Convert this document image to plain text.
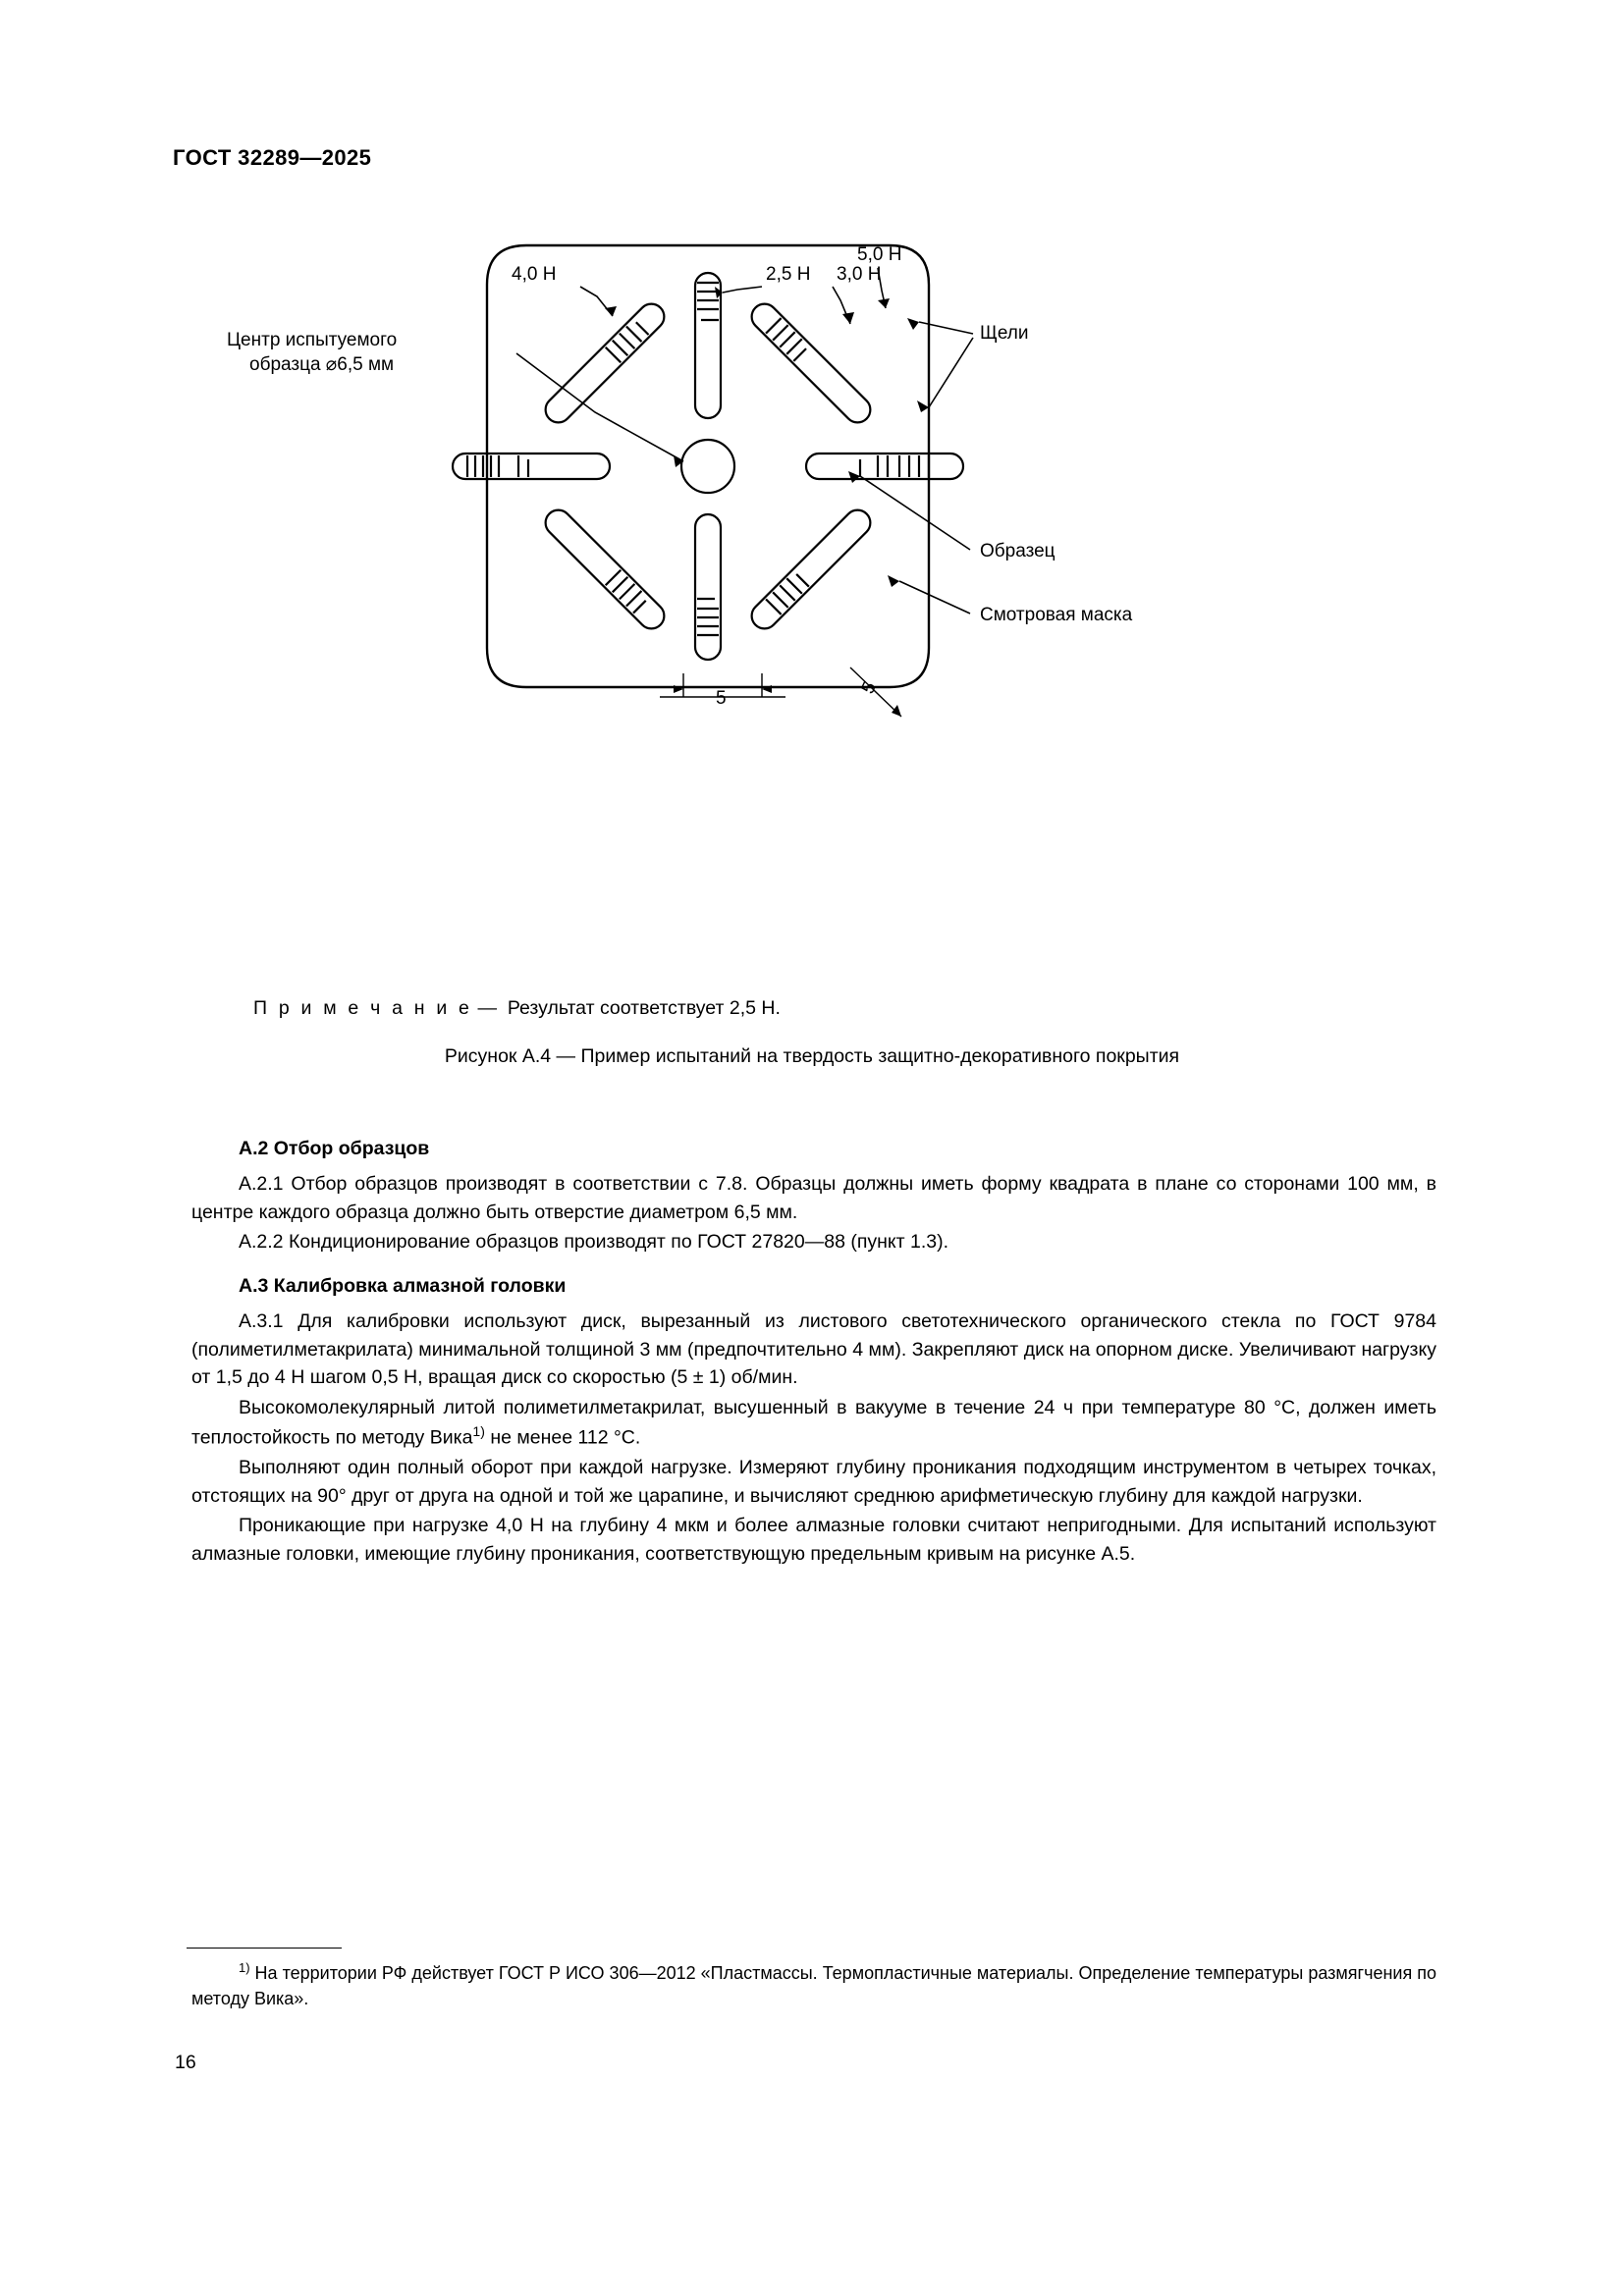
ГОСТ 32289—2025
4,0 Н	2,5 Н 3,0 Н
5,0 Н
Центр испытуемого
образца ⌀6,5 мм
Щели
Образец
Смотровая маска
5
5
П р и м е ч а н и е — Результат соответствует 2,5 Н.
Рисунок А.4 — Пример испытаний на твердость защитно-декоративного покрытия
А.2 Отбор образцов

А.2.1 Отбор образцов производят в соответствии с 7.8. Образцы должны иметь форму квадрата в плане со сторонами 100 мм, в центре каждого образца должно быть отверстие диаметром 6,5 мм.

А.2.2 Кондиционирование образцов производят по ГОСТ 27820—88 (пункт 1.3).

А.3 Калибровка алмазной головки

А.3.1 Для калибровки используют диск, вырезанный из листового светотехнического органического стекла по ГОСТ 9784 (полиметилметакрилата) минимальной толщиной 3 мм (предпочтительно 4 мм). Закрепляют диск на опорном диске. Увеличивают нагрузку от 1,5 до 4 Н шагом 0,5 Н, вращая диск со скоростью (5 ± 1) об/мин.

Высокомолекулярный литой полиметилметакрилат, высушенный в вакууме в течение 24 ч при температуре 80 °С, должен иметь теплостойкость по методу Вика$^{1)}$ не менее 112 °С.

Выполняют один полный оборот при каждой нагрузке. Измеряют глубину проникания подходящим инструментом в четырех точках, отстоящих на 90° друг от друга на одной и той же царапине, и вычисляют среднюю арифметическую глубину для каждой нагрузки.

Проникающие при нагрузке 4,0 Н на глубину 4 мкм и более алмазные головки считают непригодными. Для испытаний используют алмазные головки, имеющие глубину проникания, соответствующую предельным кривым на рисунке А.5.

$^{1)}$ На территории РФ действует ГОСТ Р ИСО 306—2012 «Пластмассы. Термопластичные материалы. Определение температуры размягчения по методу Вика».
16
